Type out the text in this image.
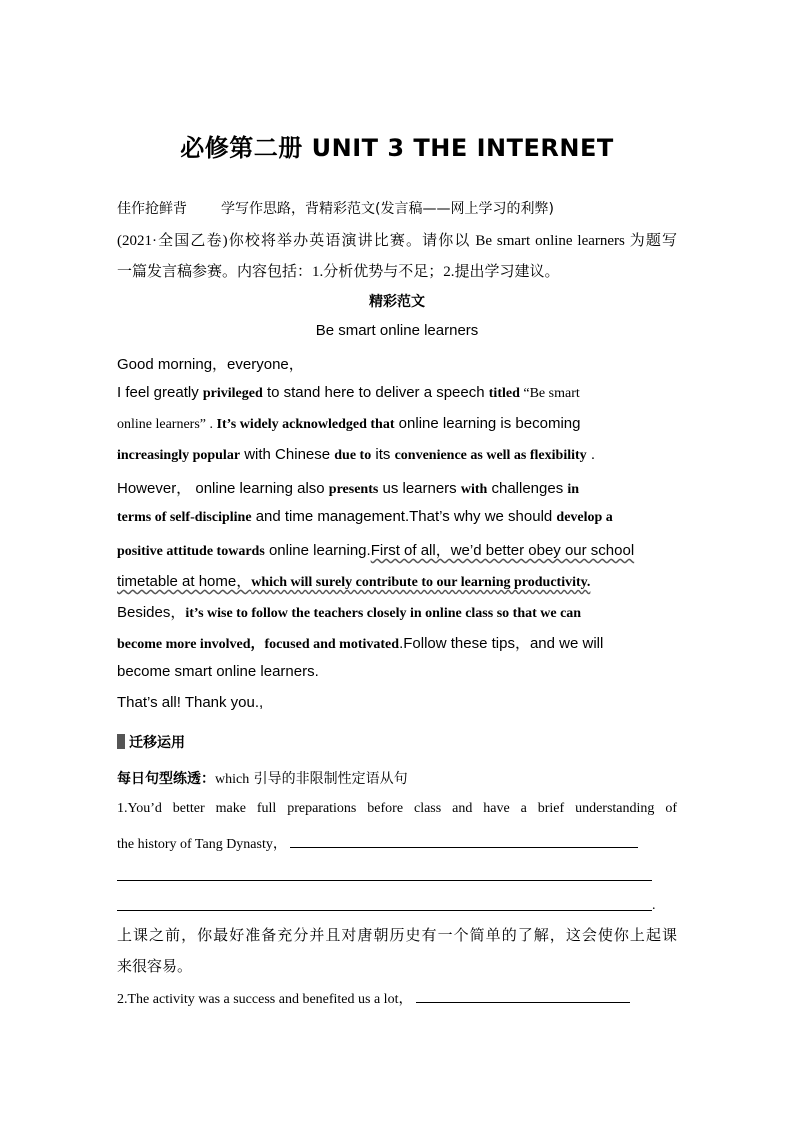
必修第二册 UNIT 3 THE INTERNET
佳作抢鲜背 学写作思路，背精彩范文(发言稿——网上学习的利弊)
(2021·全国乙卷)你校将举办英语演讲比赛。请你以 Be smart online learners 为题写
一篇发言稿参赛。内容包括：1.分析优势与不足；2.提出学习建议。
精彩范文
Be smart online learners
Good morning，everyone，
I feel greatly privileged to stand here to deliver a speech titled “Be smart
online learners” . It’s widely acknowledged that online learning is becoming
increasingly popular with Chinese due to its convenience as well as flexibility .
However， online learning also presents us learners with challenges in
terms of self-discipline and time management.That’s why we should develop a
positive attitude towards online learning.First of all，we’d better obey our school
timetable at home，which will surely contribute to our learning productivity.
Besides，it’s wise to follow the teachers closely in online class so that we can
become more involved，focused and motivated.Follow these tips，and we will
become smart online learners.
That’s all! Thank you.,
迁移运用
每日句型练透：which 引导的非限制性定语从句
1.You’d better make full preparations before class and have a brief understanding of
the history of Tang Dynasty，
.
上课之前，你最好准备充分并且对唐朝历史有一个简单的了解，这会使你上起课
来很容易。
2.The activity was a success and benefited us a lot，
